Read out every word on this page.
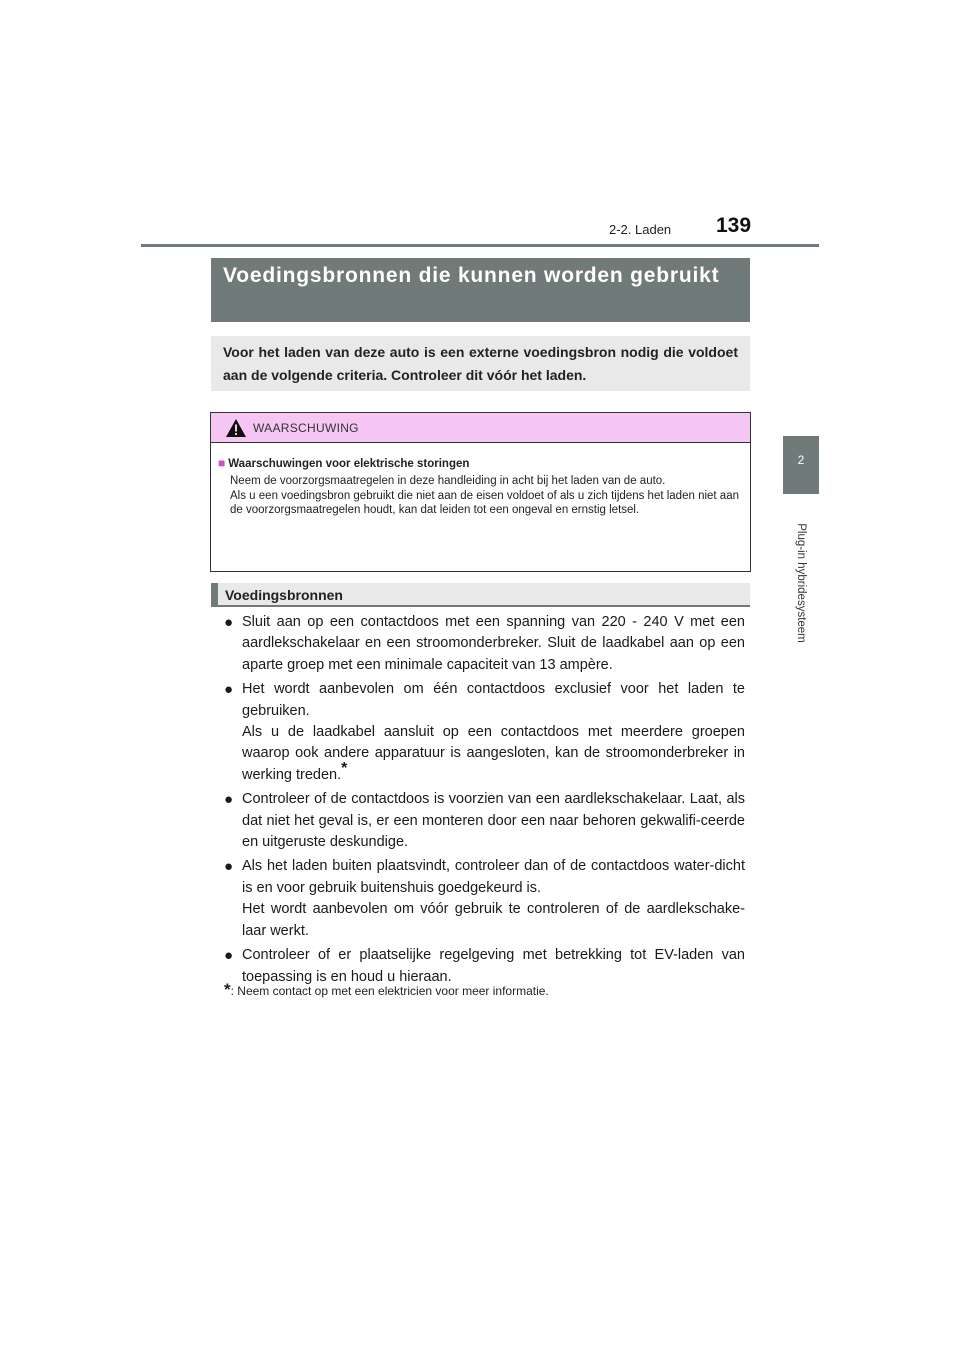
2-2. Laden 139
2
Plug-in hybridesysteem
Voedingsbronnen die kunnen worden gebruikt
Voor het laden van deze auto is een externe voedingsbron nodig die voldoet aan de volgende criteria. Controleer dit vóór het laden.
WAARSCHUWING
■ Waarschuwingen voor elektrische storingen

Neem de voorzorgsmaatregelen in deze handleiding in acht bij het laden van de auto.

Als u een voedingsbron gebruikt die niet aan de eisen voldoet of als u zich tijdens het laden niet aan de voorzorgsmaatregelen houdt, kan dat leiden tot een ongeval en ernstig letsel.

Voedingsbronnen
● Sluit aan op een contactdoos met een spanning van 220 - 240 V met een aardlekschakelaar en een stroomonderbreker. Sluit de laadkabel aan op een aparte groep met een minimale capaciteit van 13 ampère.

● Het wordt aanbevolen om één contactdoos exclusief voor het laden te gebruiken.

Als u de laadkabel aansluit op een contactdoos met meerdere groepen waarop ook andere apparatuur is aangesloten, kan de stroomonderbreker in werking treden.*

● Controleer of de contactdoos is voorzien van een aardlekschakelaar. Laat, als dat niet het geval is, er een monteren door een naar behoren gekwalifi-ceerde en uitgeruste deskundige.

● Als het laden buiten plaatsvindt, controleer dan of de contactdoos water-dicht is en voor gebruik buitenshuis goedgekeurd is.

Het wordt aanbevolen om vóór gebruik te controleren of de aardlekschake-laar werkt.

● Controleer of er plaatselijke regelgeving met betrekking tot EV-laden van toepassing is en houd u hieraan.

*: Neem contact op met een elektricien voor meer informatie.
